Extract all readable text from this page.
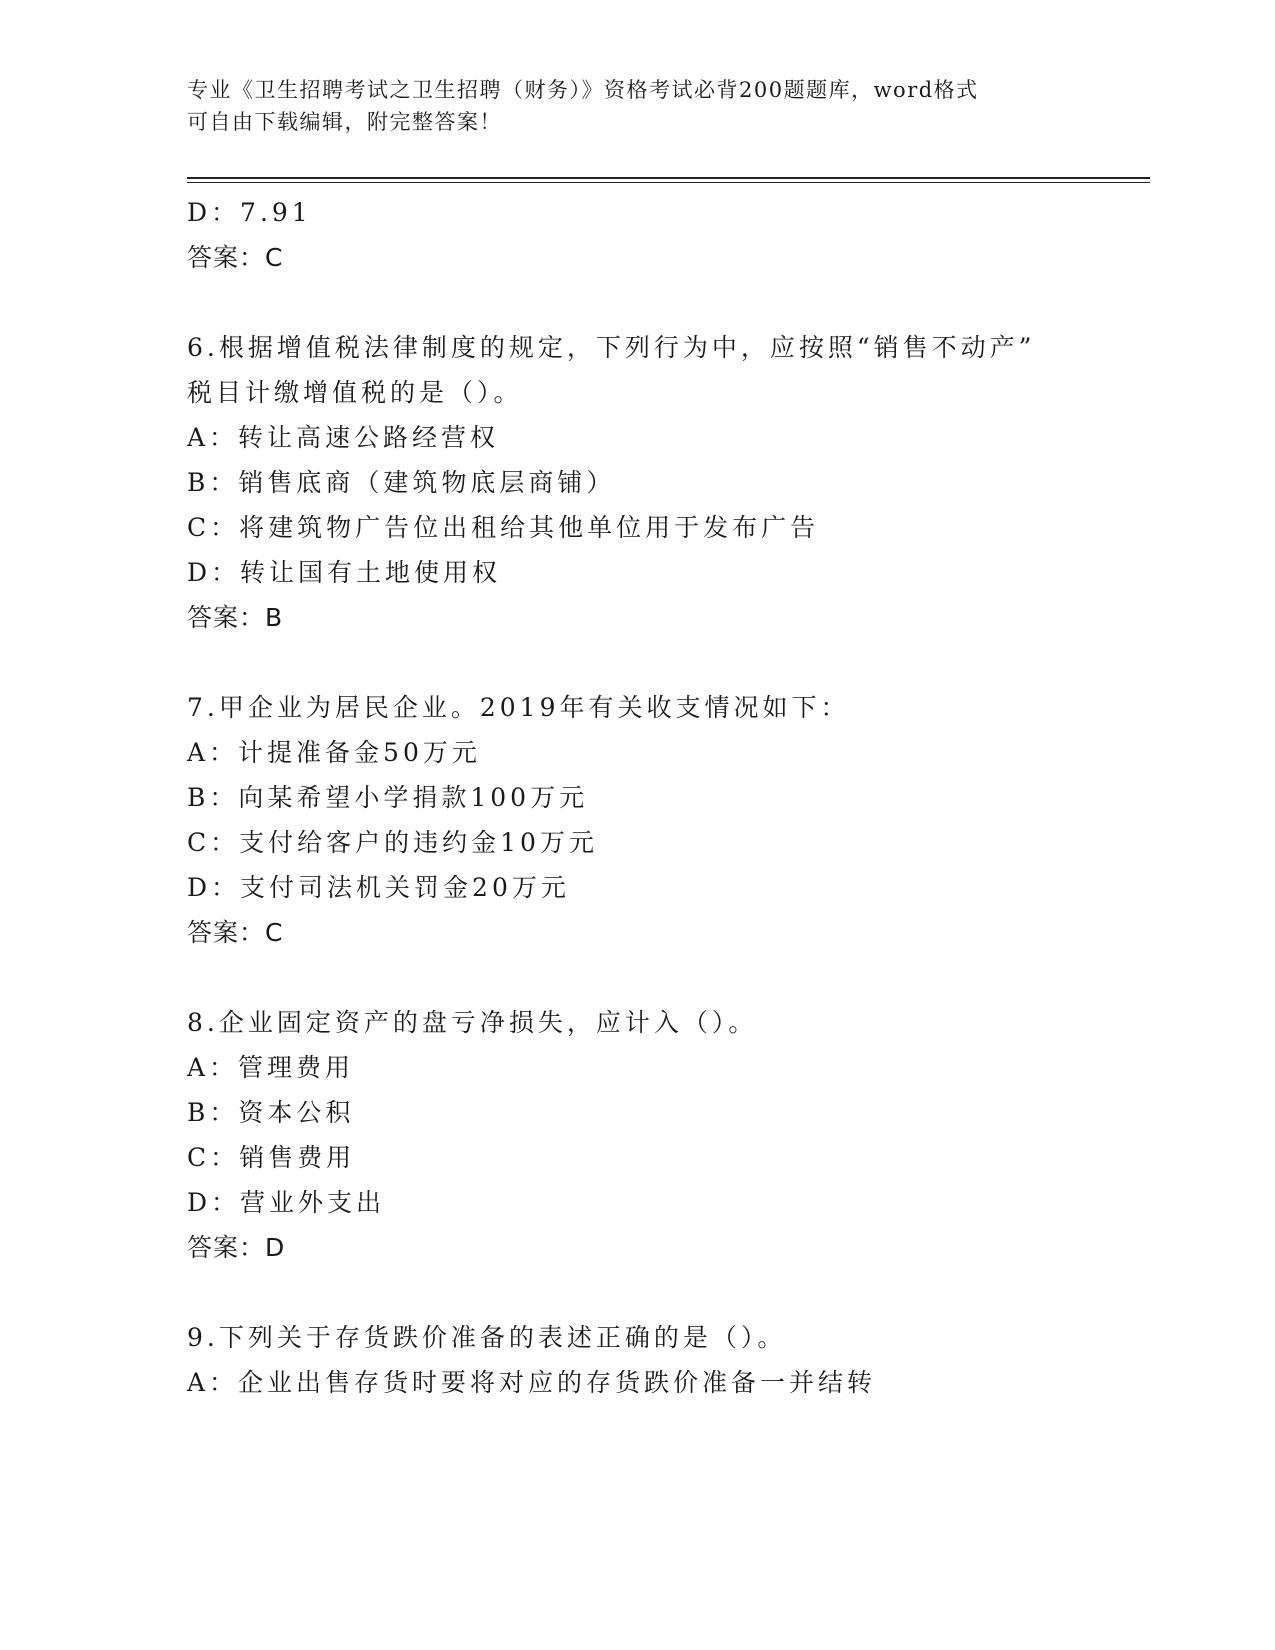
专业《卫生招聘考试之卫生招聘（财务）》资格考试必背200题题库，word格式
可自由下载编辑，附完整答案！
D：7.91
答案：C
6.根据增值税法律制度的规定，下列行为中，应按照“销售不动产”
税目计缴增值税的是（）。
A：转让高速公路经营权
B：销售底商（建筑物底层商铺）
C：将建筑物广告位出租给其他单位用于发布广告
D：转让国有土地使用权
答案：B
7.甲企业为居民企业。2019年有关收支情况如下：
A：计提准备金50万元
B：向某希望小学捐款100万元
C：支付给客户的违约金10万元
D：支付司法机关罚金20万元
答案：C
8.企业固定资产的盘亏净损失，应计入（）。
A：管理费用
B：资本公积
C：销售费用
D：营业外支出
答案：D
9.下列关于存货跌价准备的表述正确的是（）。
A：企业出售存货时要将对应的存货跌价准备一并结转
